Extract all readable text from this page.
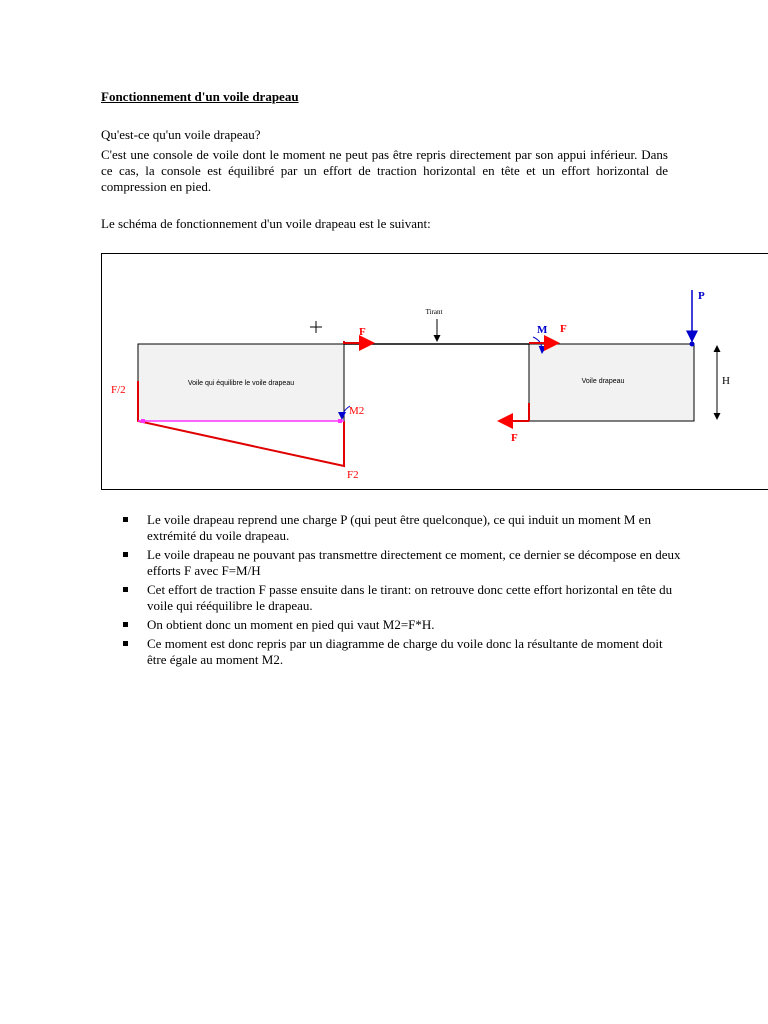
Fonctionnement d'un voile drapeau

Qu'est-ce qu'un voile drapeau?

C'est une console de voile dont le moment ne peut pas être repris directement par son appui inférieur. Dans ce cas, la console est équilibré par un effort de traction horizontal en tête et un effort horizontal de compression en pied.

Le schéma de fonctionnement d'un voile drapeau est le suivant:

Voile qui équilibre le voile drapeau	Voile drapeau
Tirant
F/2
M2
F2
F	M F
F
P
H
Le voile drapeau reprend une charge P (qui peut être quelconque), ce qui induit un moment M en extrémité du voile drapeau.
Le voile drapeau ne pouvant pas transmettre directement ce moment, ce dernier se décompose en deux efforts F avec F=M/H
Cet effort de traction F passe ensuite dans le tirant: on retrouve donc cette effort horizontal en tête du voile qui rééquilibre le drapeau.
On obtient donc un moment en pied qui vaut M2=F*H.
Ce moment est donc repris par un diagramme de charge du voile donc la résultante de moment doit être égale au moment M2.
